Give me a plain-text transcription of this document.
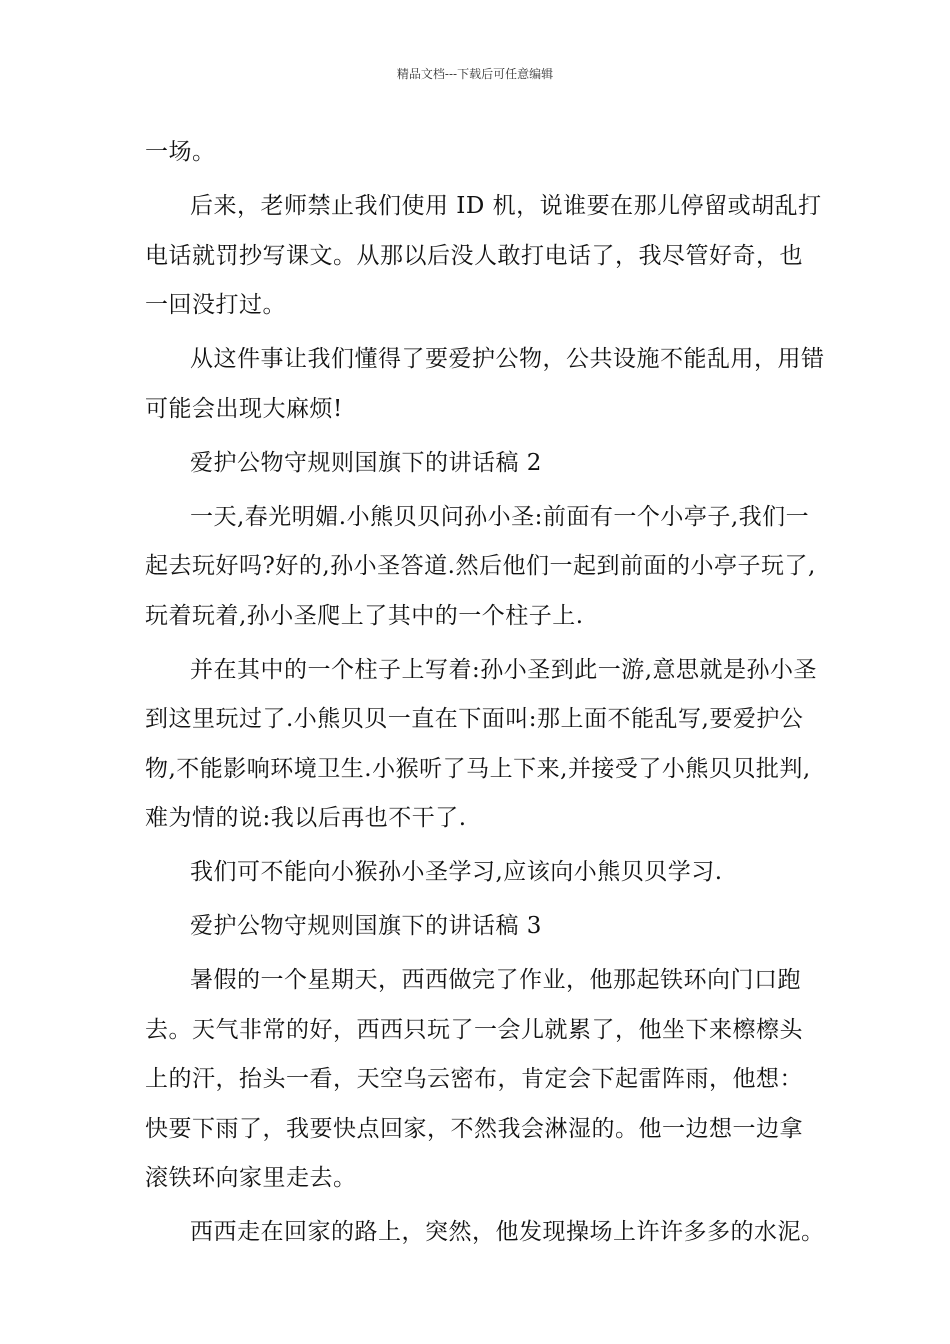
精品文档---下载后可任意编辑

一场。

后来，老师禁止我们使用 ID 机，说谁要在那儿停留或胡乱打电话就罚抄写课文。从那以后没人敢打电话了，我尽管好奇，也一回没打过。

从这件事让我们懂得了要爱护公物，公共设施不能乱用，用错可能会出现大麻烦!

爱护公物守规则国旗下的讲话稿 2

一天,春光明媚.小熊贝贝问孙小圣:前面有一个小亭子,我们一起去玩好吗?好的,孙小圣答道.然后他们一起到前面的小亭子玩了,玩着玩着,孙小圣爬上了其中的一个柱子上.

并在其中的一个柱子上写着:孙小圣到此一游,意思就是孙小圣到这里玩过了.小熊贝贝一直在下面叫:那上面不能乱写,要爱护公物,不能影响环境卫生.小猴听了马上下来,并接受了小熊贝贝批判,难为情的说:我以后再也不干了.

我们可不能向小猴孙小圣学习,应该向小熊贝贝学习.

爱护公物守规则国旗下的讲话稿 3

暑假的一个星期天，西西做完了作业，他那起铁环向门口跑去。天气非常的好，西西只玩了一会儿就累了，他坐下来檫檫头上的汗，抬头一看，天空乌云密布，肯定会下起雷阵雨，他想：快要下雨了，我要快点回家，不然我会淋湿的。他一边想一边拿滚铁环向家里走去。

西西走在回家的路上，突然，他发现操场上许许多多的水泥。
